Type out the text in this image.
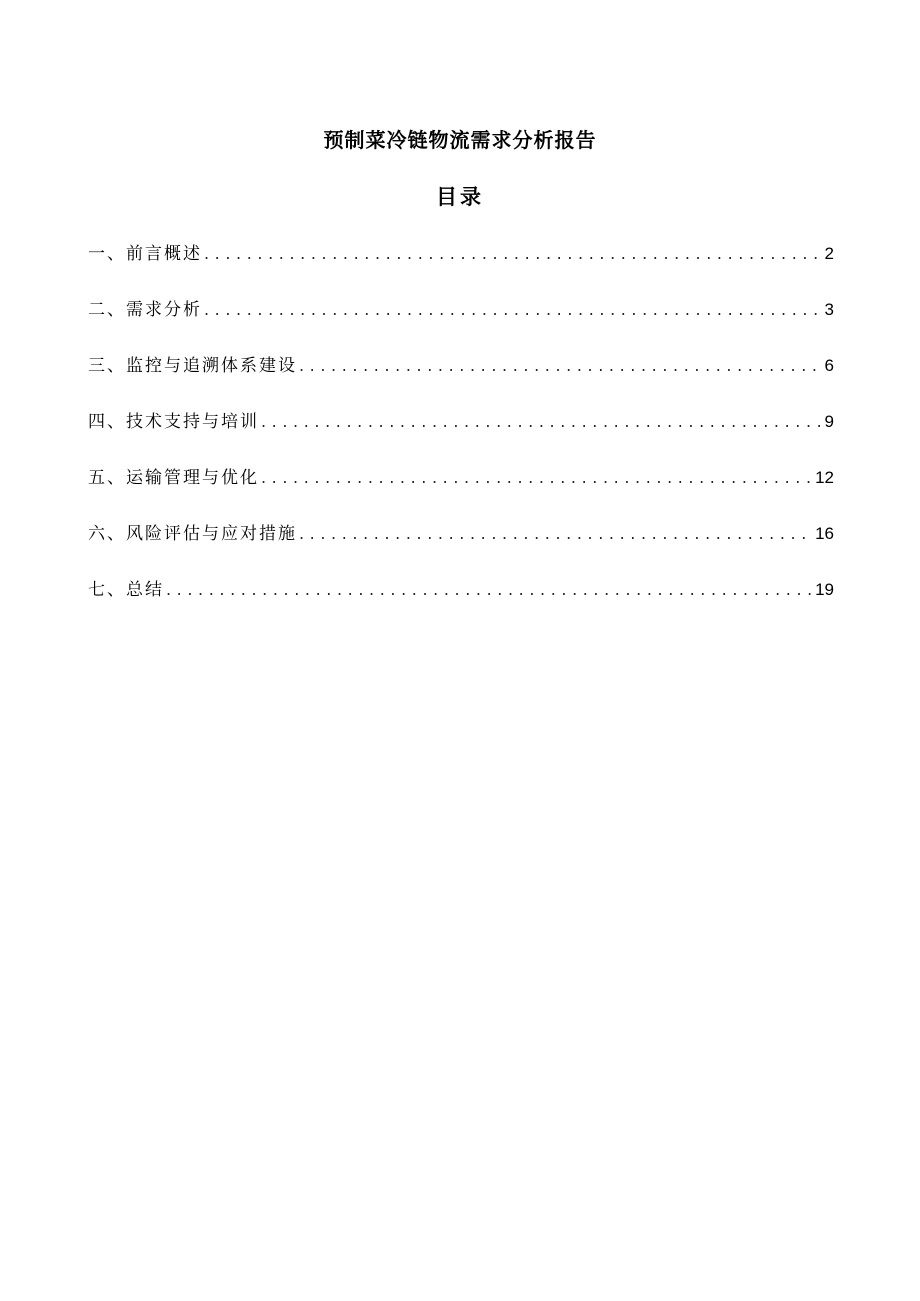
预制菜冷链物流需求分析报告
目录
一、前言概述 .....	2
二、需求分析 .....	3
三、监控与追溯体系建设 .....	6
四、技术支持与培训 .....	9
五、运输管理与优化 .....	12
六、风险评估与应对措施 .....	16
七、总结 .....	19
